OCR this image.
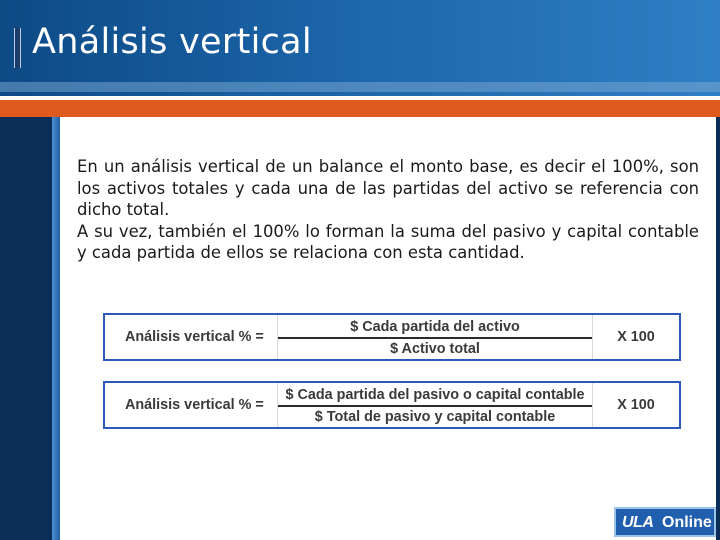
Análisis vertical

En un análisis vertical de un balance el monto base, es decir el 100%, son los activos totales y cada una de las partidas del activo se referencia con dicho total.

A su vez, también el 100% lo forman la suma del pasivo y capital contable y cada partida de ellos se relaciona con esta cantidad.

Análisis vertical % =
$ Cada partida del activo
$ Activo total
X 100
Análisis vertical % =
$ Cada partida del pasivo o capital contable
$ Total de pasivo y capital contable
X 100
ULA Online
